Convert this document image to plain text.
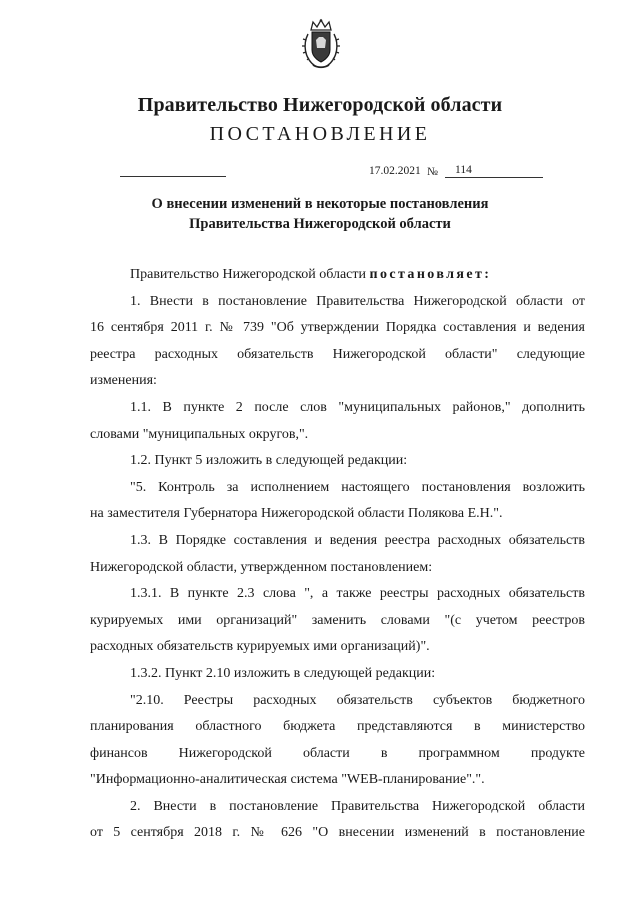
Правительство Нижегородской области
ПОСТАНОВЛЕНИЕ
17.02.2021 №	114
О внесении изменений в некоторые постановления
Правительства Нижегородской области
Правительство Нижегородской области постановляет:
1. Внести в постановление Правительства Нижегородской области от
16 сентября 2011 г. № 739 "Об утверждении Порядка составления и ведения
реестра расходных обязательств Нижегородской области" следующие
изменения:
1.1. В пункте 2 после слов "муниципальных районов," дополнить
словами "муниципальных округов,".
1.2. Пункт 5 изложить в следующей редакции:
"5. Контроль за исполнением настоящего постановления возложить
на заместителя Губернатора Нижегородской области Полякова Е.Н.".
1.3. В Порядке составления и ведения реестра расходных обязательств
Нижегородской области, утвержденном постановлением:
1.3.1. В пункте 2.3 слова ", а также реестры расходных обязательств
курируемых ими организаций" заменить словами "(с учетом реестров
расходных обязательств курируемых ими организаций)".
1.3.2. Пункт 2.10 изложить в следующей редакции:
"2.10. Реестры расходных обязательств субъектов бюджетного
планирования областного бюджета представляются в министерство
финансов Нижегородской области в программном продукте
"Информационно-аналитическая система "WEB-планирование".".
2. Внести в постановление Правительства Нижегородской области
от 5 сентября 2018 г. № 626 "О внесении изменений в постановление
